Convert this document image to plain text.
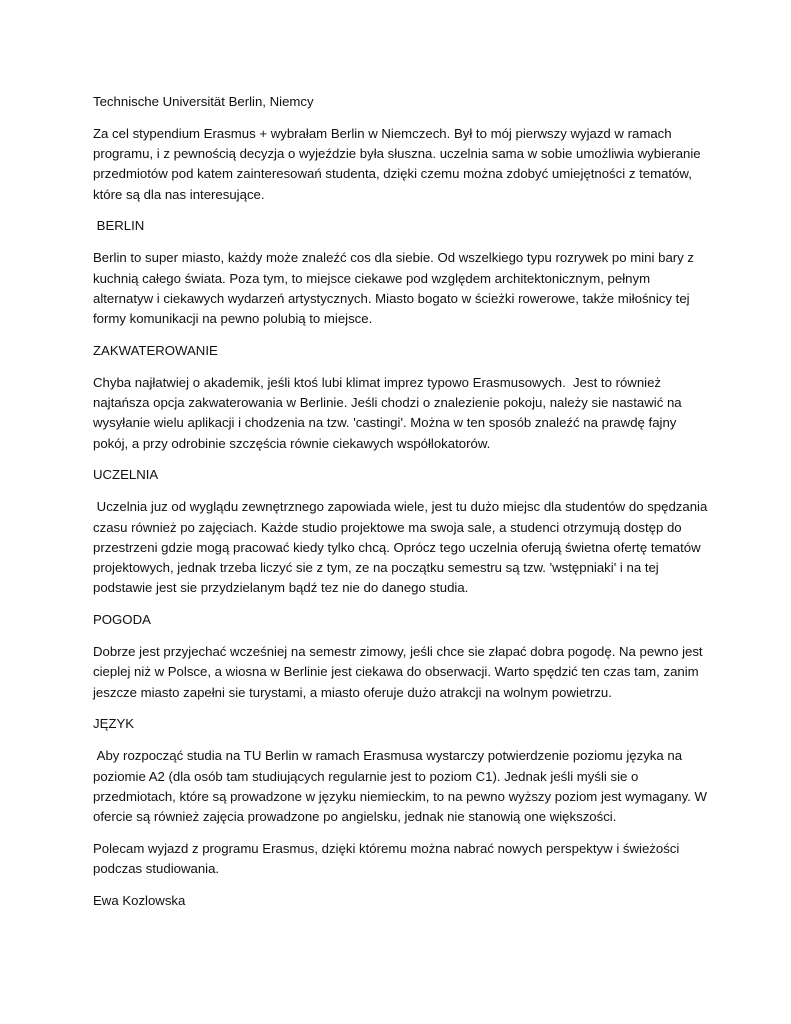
Technische Universität Berlin, Niemcy

Za cel stypendium Erasmus + wybrałam Berlin w Niemczech. Był to mój pierwszy wyjazd w ramach programu, i z pewnością decyzja o wyjeździe była słuszna. uczelnia sama w sobie umożliwia wybieranie przedmiotów pod katem zainteresowań studenta, dzięki czemu można zdobyć umiejętności z tematów, które są dla nas interesujące.

BERLIN

Berlin to super miasto, każdy może znaleźć cos dla siebie. Od wszelkiego typu rozrywek po mini bary z kuchnią całego świata. Poza tym, to miejsce ciekawe pod względem architektonicznym, pełnym alternatyw i ciekawych wydarzeń artystycznych. Miasto bogato w ścieżki rowerowe, także miłośnicy tej formy komunikacji na pewno polubią to miejsce.

ZAKWATEROWANIE

Chyba najłatwiej o akademik, jeśli ktoś lubi klimat imprez typowo Erasmusowych.  Jest to również najtańsza opcja zakwaterowania w Berlinie. Jeśli chodzi o znalezienie pokoju, należy sie nastawić na wysyłanie wielu aplikacji i chodzenia na tzw. 'castingi'. Można w ten sposób znaleźć na prawdę fajny pokój, a przy odrobinie szczęścia równie ciekawych współlokatorów.

UCZELNIA

Uczelnia juz od wyglądu zewnętrznego zapowiada wiele, jest tu dużo miejsc dla studentów do spędzania czasu również po zajęciach. Każde studio projektowe ma swoja sale, a studenci otrzymują dostęp do przestrzeni gdzie mogą pracować kiedy tylko chcą. Oprócz tego uczelnia oferują świetna ofertę tematów projektowych, jednak trzeba liczyć sie z tym, ze na początku semestru są tzw. 'wstępniaki' i na tej podstawie jest sie przydzielanym bądź tez nie do danego studia.

POGODA

Dobrze jest przyjechać wcześniej na semestr zimowy, jeśli chce sie złapać dobra pogodę. Na pewno jest cieplej niż w Polsce, a wiosna w Berlinie jest ciekawa do obserwacji. Warto spędzić ten czas tam, zanim jeszcze miasto zapełni sie turystami, a miasto oferuje dużo atrakcji na wolnym powietrzu.

JĘZYK

Aby rozpocząć studia na TU Berlin w ramach Erasmusa wystarczy potwierdzenie poziomu języka na poziomie A2 (dla osób tam studiujących regularnie jest to poziom C1). Jednak jeśli myśli sie o przedmiotach, które są prowadzone w języku niemieckim, to na pewno wyższy poziom jest wymagany. W ofercie są również zajęcia prowadzone po angielsku, jednak nie stanowią one większości.

Polecam wyjazd z programu Erasmus, dzięki któremu można nabrać nowych perspektyw i świeżości podczas studiowania.

Ewa Kozlowska
